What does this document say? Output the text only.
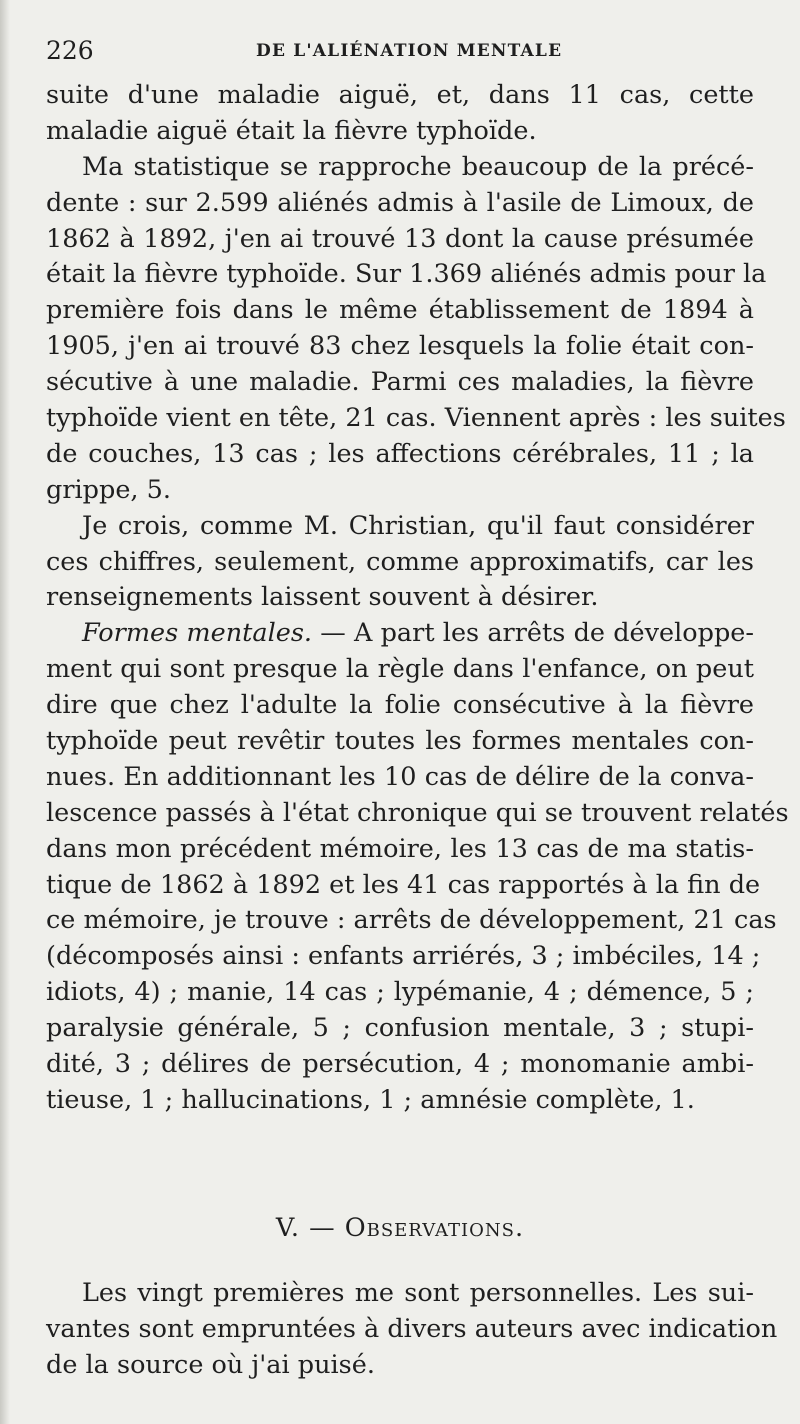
226	DE L'ALIÉNATION MENTALE
suite d'une maladie aiguë, et, dans 11 cas, cette
maladie aiguë était la fièvre typhoïde.
Ma statistique se rapproche beaucoup de la précé-
dente : sur 2.599 aliénés admis à l'asile de Limoux, de
1862 à 1892, j'en ai trouvé 13 dont la cause présumée
était la fièvre typhoïde. Sur 1.369 aliénés admis pour la
première fois dans le même établissement de 1894 à
1905, j'en ai trouvé 83 chez lesquels la folie était con-
sécutive à une maladie. Parmi ces maladies, la fièvre
typhoïde vient en tête, 21 cas. Viennent après : les suites
de couches, 13 cas ; les affections cérébrales, 11 ; la
grippe, 5.
Je crois, comme M. Christian, qu'il faut considérer
ces chiffres, seulement, comme approximatifs, car les
renseignements laissent souvent à désirer.
Formes mentales. — A part les arrêts de développe-
ment qui sont presque la règle dans l'enfance, on peut
dire que chez l'adulte la folie consécutive à la fièvre
typhoïde peut revêtir toutes les formes mentales con-
nues. En additionnant les 10 cas de délire de la conva-
lescence passés à l'état chronique qui se trouvent relatés
dans mon précédent mémoire, les 13 cas de ma statis-
tique de 1862 à 1892 et les 41 cas rapportés à la fin de
ce mémoire, je trouve : arrêts de développement, 21 cas
(décomposés ainsi : enfants arriérés, 3 ; imbéciles, 14 ;
idiots, 4) ; manie, 14 cas ; lypémanie, 4 ; démence, 5 ;
paralysie générale, 5 ; confusion mentale, 3 ; stupi-
dité, 3 ; délires de persécution, 4 ; monomanie ambi-
tieuse, 1 ; hallucinations, 1 ; amnésie complète, 1.
V. — Observations.
Les vingt premières me sont personnelles. Les sui-
vantes sont empruntées à divers auteurs avec indication
de la source où j'ai puisé.
